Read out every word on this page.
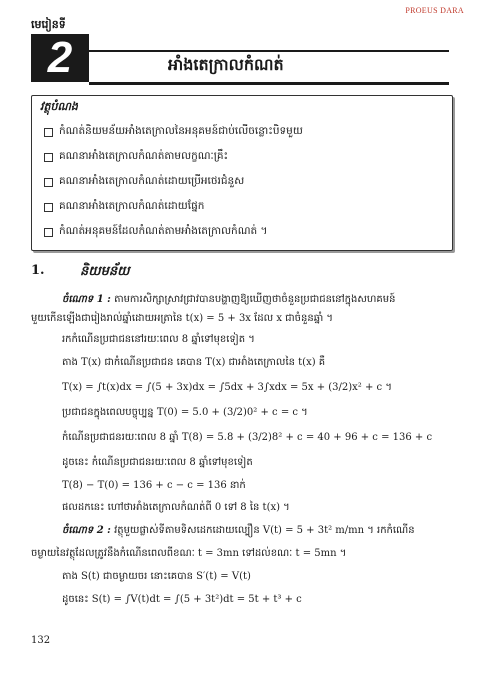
PROEUS DARA
មេរៀនទី
2	អាំងតេក្រាលកំណត់
វត្ថុបំណង
កំណត់និយមន័យអាំងតេក្រាលនៃអនុគមន៍ជាប់លើចន្លោះបិទមួយ
គណនាអាំងតេក្រាលកំណត់តាមលក្ខណៈគ្រឹះ
គណនាអាំងតេក្រាលកំណត់ដោយប្រើអថេរជំនួស
គណនាអាំងតេក្រាលកំណត់ដោយផ្នែក
កំណត់អនុគមន៍ដែលកំណត់តាមអាំងតេក្រាលកំណត់ ។
1.	និយមន័យ
ចំណោទ 1 : តាមការសិក្សាស្រាវជ្រាវបានបង្ហាញឱ្យឃើញថាចំនួនប្រជាជននៅក្នុងសហគមន៍
មួយកើនឡើងជារៀងរាល់ឆ្នាំដោយអត្រានៃ t(x) = 5 + 3x ដែល x ជាចំនួនឆ្នាំ ។
រកកំណើនប្រជាជននៅរយៈពេល 8 ឆ្នាំទៅមុខទៀត ។
តាង T(x) ជាកំណើនប្រជាជន គេបាន T(x) ជាអាំងតេក្រាលនៃ t(x) គឺ
T(x) = ∫t(x)dx = ∫(5 + 3x)dx = ∫5dx + 3∫xdx = 5x + (3/2)x² + c ។
ប្រជាជនក្នុងពេលបច្ចុប្បន្ន T(0) = 5.0 + (3/2)0² + c = c ។
កំណើនប្រជាជនរយៈពេល 8 ឆ្នាំ T(8) = 5.8 + (3/2)8² + c = 40 + 96 + c = 136 + c
ដូចនេះ កំណើនប្រជាជនរយៈពេល 8 ឆ្នាំទៅមុខទៀត
T(8) − T(0) = 136 + c − c = 136 នាក់
ផលដកនេះ ហៅថាអាំងតេក្រាលកំណត់ពី 0 ទៅ 8 នៃ t(x) ។
ចំណោទ 2 : វត្ថុមួយផ្លាស់ទីតាមទិសដេកដោយល្បឿន V(t) = 5 + 3t² m/mn ។ រកកំណើន
ចម្ងាយនៃវត្ថុដែលត្រូវនឹងកំណើនពេលពីខណៈ t = 3mn ទៅដល់ខណៈ t = 5mn ។
តាង S(t) ជាចម្ងាយចរ នោះគេបាន S′(t) = V(t)
ដូចនេះ S(t) = ∫V(t)dt = ∫(5 + 3t²)dt = 5t + t³ + c
132
